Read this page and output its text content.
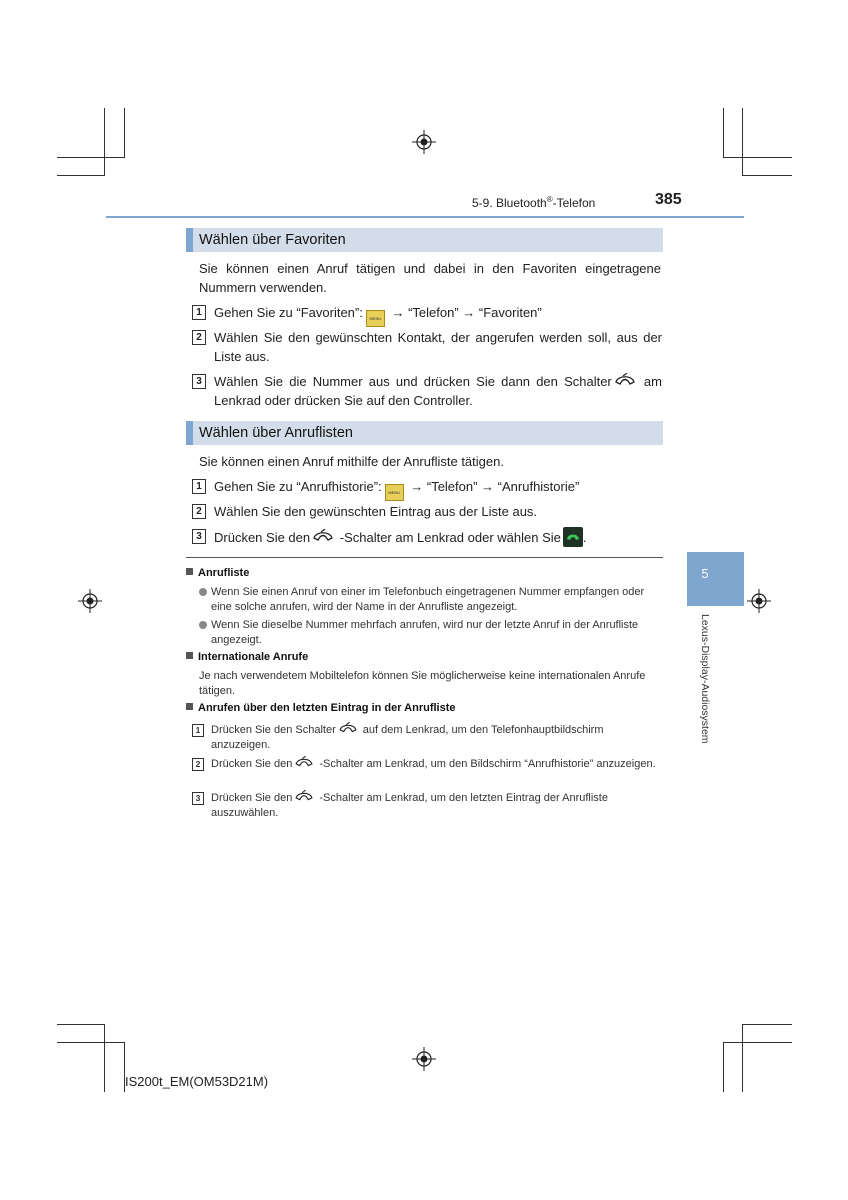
5-9. Bluetooth®-Telefon	385
5
Lexus-Display-Audiosystem
Wählen über Favoriten
Sie können einen Anruf tätigen und dabei in den Favoriten eingetragene Nummern verwenden.
1 Gehen Sie zu “Favoriten”: MENU → “Telefon” → “Favoriten”
2 Wählen Sie den gewünschten Kontakt, der angerufen werden soll, aus der Liste aus.
3 Wählen Sie die Nummer aus und drücken Sie dann den Schalter am Lenkrad oder drücken Sie auf den Controller.
Wählen über Anruflisten
Sie können einen Anruf mithilfe der Anrufliste tätigen.
1 Gehen Sie zu “Anrufhistorie”: MENU → “Telefon” → “Anrufhistorie”
2 Wählen Sie den gewünschten Eintrag aus der Liste aus.
3 Drücken Sie den -Schalter am Lenkrad oder wählen Sie .
Anrufliste
Wenn Sie einen Anruf von einer im Telefonbuch eingetragenen Nummer empfangen oder eine solche anrufen, wird der Name in der Anrufliste angezeigt.
Wenn Sie dieselbe Nummer mehrfach anrufen, wird nur der letzte Anruf in der Anrufliste angezeigt.
Internationale Anrufe
Je nach verwendetem Mobiltelefon können Sie möglicherweise keine internationalen Anrufe tätigen.
Anrufen über den letzten Eintrag in der Anrufliste
1 Drücken Sie den Schalter auf dem Lenkrad, um den Telefonhauptbildschirm anzuzeigen.
2 Drücken Sie den -Schalter am Lenkrad, um den Bildschirm “Anrufhistorie” anzuzeigen.
3 Drücken Sie den -Schalter am Lenkrad, um den letzten Eintrag der Anrufliste auszuwählen.
IS200t_EM(OM53D21M)
